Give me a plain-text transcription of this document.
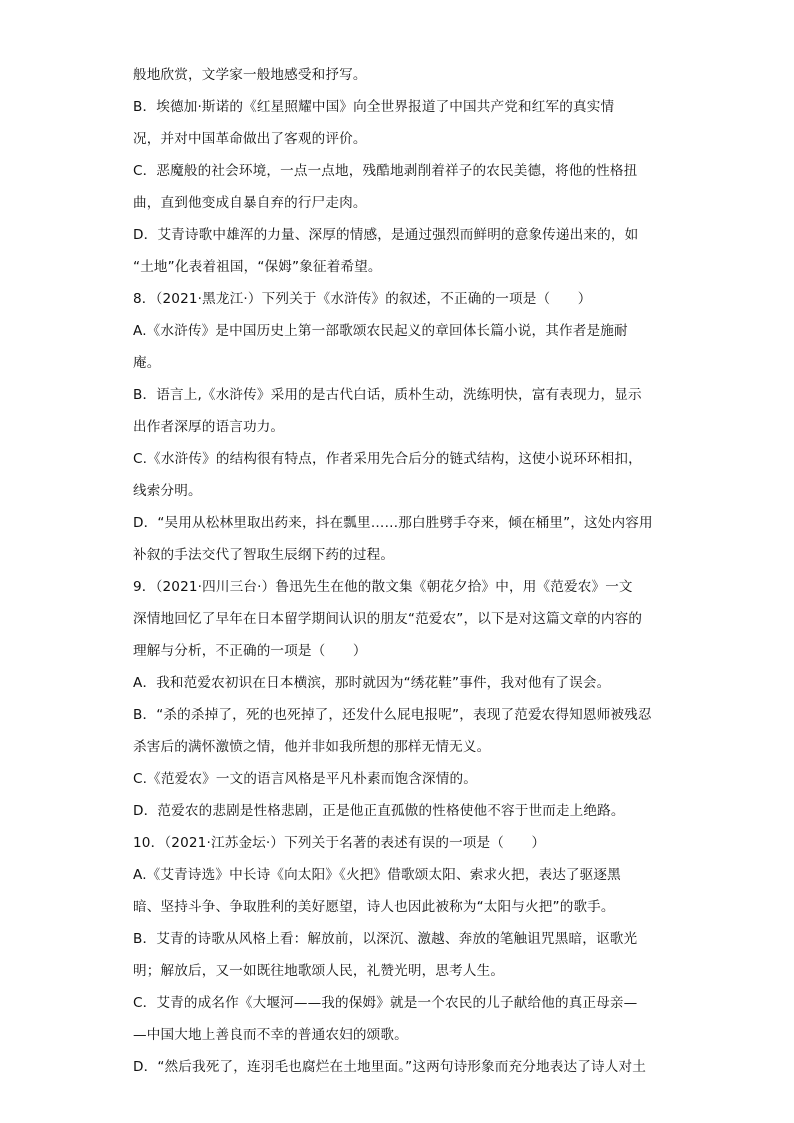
般地欣赏，文学家一般地感受和抒写。
B．埃德加·斯诺的《红星照耀中国》向全世界报道了中国共产党和红军的真实情
况，并对中国革命做出了客观的评价。
C．恶魔般的社会环境，一点一点地，残酷地剥削着祥子的农民美德，将他的性格扭
曲，直到他变成自暴自弃的行尸走肉。
D．艾青诗歌中雄浑的力量、深厚的情感，是通过强烈而鲜明的意象传递出来的，如
“土地”化表着祖国，“保姆”象征着希望。
8．（2021·黑龙江·）下列关于《水浒传》的叙述，不正确的一项是（　　）
A.《水浒传》是中国历史上第一部歌颂农民起义的章回体长篇小说，其作者是施耐
庵。
B．语言上,《水浒传》采用的是古代白话，质朴生动，洗练明快，富有表现力，显示
出作者深厚的语言功力。
C.《水浒传》的结构很有特点，作者采用先合后分的链式结构，这使小说环环相扣，
线索分明。
D．“吴用从松林里取出药来，抖在瓢里……那白胜劈手夺来，倾在桶里”，这处内容用
补叙的手法交代了智取生辰纲下药的过程。
9．（2021·四川三台·）鲁迅先生在他的散文集《朝花夕拾》中，用《范爱农》一文
深情地回忆了早年在日本留学期间认识的朋友“范爱农”，以下是对这篇文章的内容的
理解与分析，不正确的一项是（　　）
A．我和范爱农初识在日本横滨，那时就因为“绣花鞋”事件，我对他有了误会。
B．“杀的杀掉了，死的也死掉了，还发什么屁电报呢”，表现了范爱农得知恩师被残忍
杀害后的满怀激愤之情，他并非如我所想的那样无情无义。
C.《范爱农》一文的语言风格是平凡朴素而饱含深情的。
D．范爱农的悲剧是性格悲剧，正是他正直孤傲的性格使他不容于世而走上绝路。
10．（2021·江苏金坛·）下列关于名著的表述有误的一项是（　　）
A.《艾青诗选》中长诗《向太阳》《火把》借歌颂太阳、索求火把，表达了驱逐黑
暗、坚持斗争、争取胜利的美好愿望，诗人也因此被称为“太阳与火把”的歌手。
B．艾青的诗歌从风格上看：解放前，以深沉、激越、奔放的笔触诅咒黑暗，讴歌光
明；解放后，又一如既往地歌颂人民，礼赞光明，思考人生。
C．艾青的成名作《大堰河——我的保姆》就是一个农民的儿子献给他的真正母亲—
—中国大地上善良而不幸的普通农妇的颂歌。
D．“然后我死了，连羽毛也腐烂在土地里面。”这两句诗形象而充分地表达了诗人对土
